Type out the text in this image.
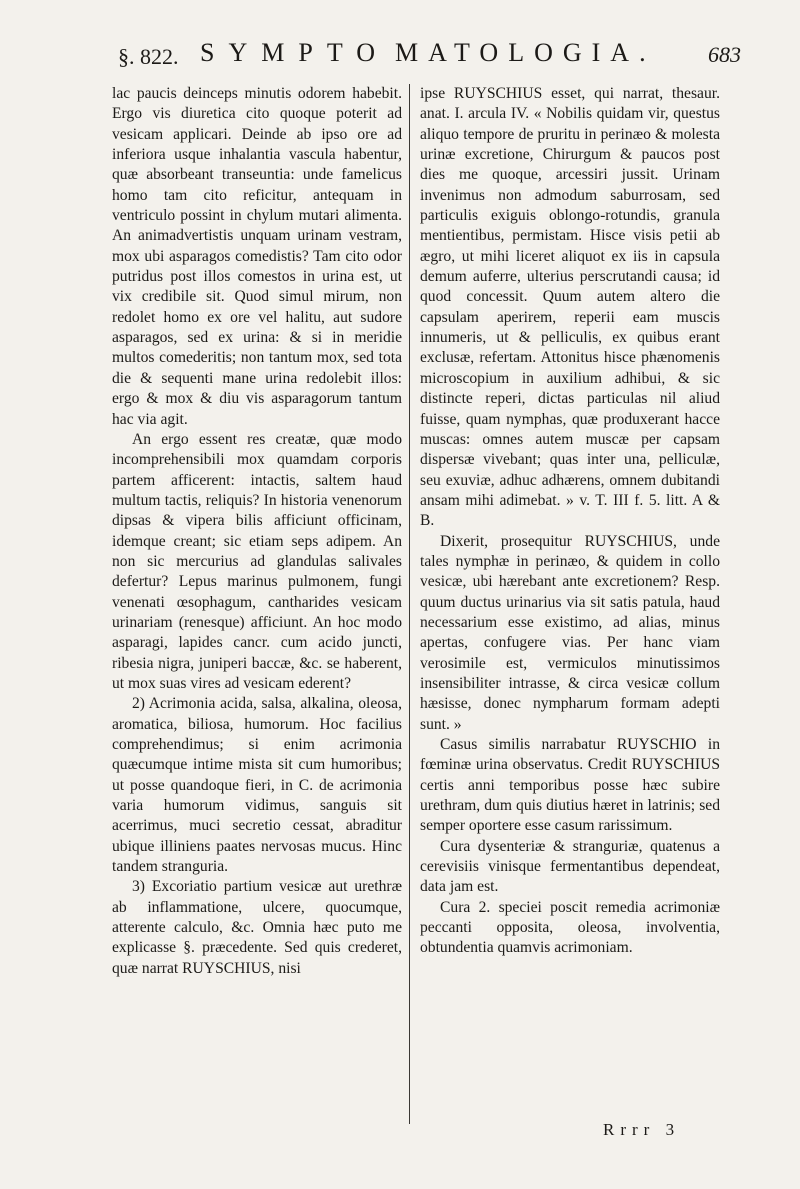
§. 822. SYMPTO MATOLOGIA. 683

lac paucis deinceps minutis odorem habebit. Ergo vis diuretica cito quoque poterit ad vesicam applicari. Deinde ab ipso ore ad inferiora usque inhalantia vascula habentur, quæ absorbeant transeuntia: unde famelicus homo tam cito reficitur, antequam in ventriculo possint in chylum mutari alimenta. An animadvertistis unquam urinam vestram, mox ubi asparagos comedistis? Tam cito odor putridus post illos comestos in urina est, ut vix credibile sit. Quod simul mirum, non redolet homo ex ore vel halitu, aut sudore asparagos, sed ex urina: & si in meridie multos comederitis; non tantum mox, sed tota die & sequenti mane urina redolebit illos: ergo & mox & diu vis asparagorum tantum hac via agit.

An ergo essent res creatæ, quæ modo incomprehensibili mox quamdam corporis partem afficerent: intactis, saltem haud multum tactis, reliquis? In historia venenorum dipsas & vipera bilis afficiunt officinam, idemque creant; sic etiam seps adipem. An non sic mercurius ad glandulas salivales defertur? Lepus marinus pulmonem, fungi venenati œsophagum, cantharides vesicam urinariam (renesque) afficiunt. An hoc modo asparagi, lapides cancr. cum acido juncti, ribesia nigra, juniperi baccæ, &c. se haberent, ut mox suas vires ad vesicam ederent?

2) Acrimonia acida, salsa, alkalina, oleosa, aromatica, biliosa, humorum. Hoc facilius comprehendimus; si enim acrimonia quæcumque intime mista sit cum humoribus; ut posse quandoque fieri, in C. de acrimonia varia humorum vidimus, sanguis sit acerrimus, muci secretio cessat, abraditur ubique illiniens paates nervosas mucus. Hinc tandem stranguria.

3) Excoriatio partium vesicæ aut urethræ ab inflammatione, ulcere, quocumque, atterente calculo, &c. Omnia hæc puto me explicasse §. præcedente. Sed quis crederet, quæ narrat RUYSCHIUS, nisi

ipse RUYSCHIUS esset, qui narrat, thesaur. anat. I. arcula IV. « Nobilis quidam vir, questus aliquo tempore de pruritu in perinæo & molesta urinæ excretione, Chirurgum & paucos post dies me quoque, arcessiri jussit. Urinam invenimus non admodum saburrosam, sed particulis exiguis oblongo-rotundis, granula mentientibus, permistam. Hisce visis petii ab ægro, ut mihi liceret aliquot ex iis in capsula demum auferre, ulterius perscrutandi causa; id quod concessit. Quum autem altero die capsulam aperirem, reperii eam muscis innumeris, ut & pelliculis, ex quibus erant exclusæ, refertam. Attonitus hisce phænomenis microscopium in auxilium adhibui, & sic distincte reperi, dictas particulas nil aliud fuisse, quam nymphas, quæ produxerant hacce muscas: omnes autem muscæ per capsam dispersæ vivebant; quas inter una, pelliculæ, seu exuviæ, adhuc adhærens, omnem dubitandi ansam mihi adimebat. » v. T. III f. 5. litt. A & B.

Dixerit, prosequitur RUYSCHIUS, unde tales nymphæ in perinæo, & quidem in collo vesicæ, ubi hærebant ante excretionem? Resp. quum ductus urinarius via sit satis patula, haud necessarium esse existimo, ad alias, minus apertas, confugere vias. Per hanc viam verosimile est, vermiculos minutissimos insensibiliter intrasse, & circa vesicæ collum hæsisse, donec nympharum formam adepti sunt. »

Casus similis narrabatur RUYSCHIO in fœminæ urina observatus. Credit RUYSCHIUS certis anni temporibus posse hæc subire urethram, dum quis diutius hæret in latrinis; sed semper oportere esse casum rarissimum.

Cura dysenteriæ & stranguriæ, quatenus a cerevisiis vinisque fermentantibus dependeat, data jam est.

Cura 2. speciei poscit remedia acrimoniæ peccanti opposita, oleosa, involventia, obtundentia quamvis acrimoniam.

Rrrr 3
